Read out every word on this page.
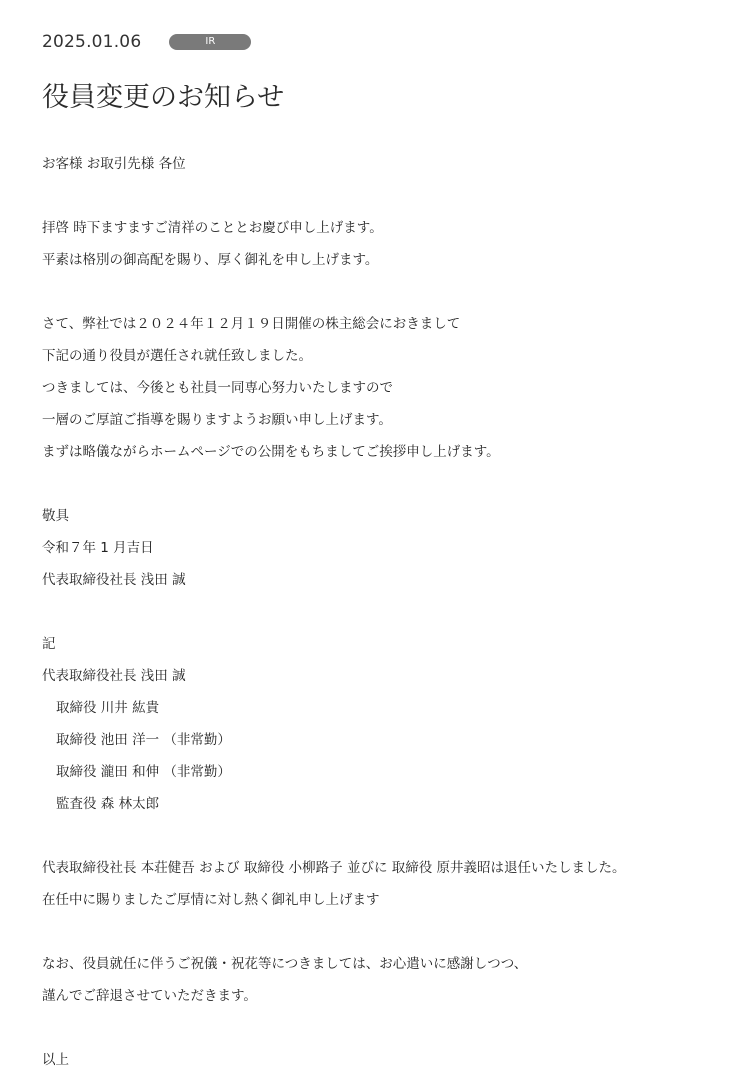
2025.01.06	IR
役員変更のお知らせ
お客様 お取引先様 各位
拝啓 時下ますますご清祥のこととお慶び申し上げます。
平素は格別の御高配を賜り、厚く御礼を申し上げます。
さて、弊社では２０２４年１２月１９日開催の株主総会におきまして
下記の通り役員が選任され就任致しました。
つきましては、今後とも社員一同専心努力いたしますので
一層のご厚誼ご指導を賜りますようお願い申し上げます。
まずは略儀ながらホームページでの公開をもちましてご挨拶申し上げます。
敬具
令和７年 1 月吉日
代表取締役社長 浅田 誠
記
代表取締役社長 浅田 誠
取締役 川井 紘貴
取締役 池田 洋一 （非常勤）
取締役 瀧田 和伸 （非常勤）
監査役 森 林太郎
代表取締役社長 本荘健吾 および 取締役 小柳路子 並びに 取締役 原井義昭は退任いたしました。
在任中に賜りましたご厚情に対し熱く御礼申し上げます
なお、役員就任に伴うご祝儀・祝花等につきましては、お心遣いに感謝しつつ、
謹んでご辞退させていただきます。
以上
